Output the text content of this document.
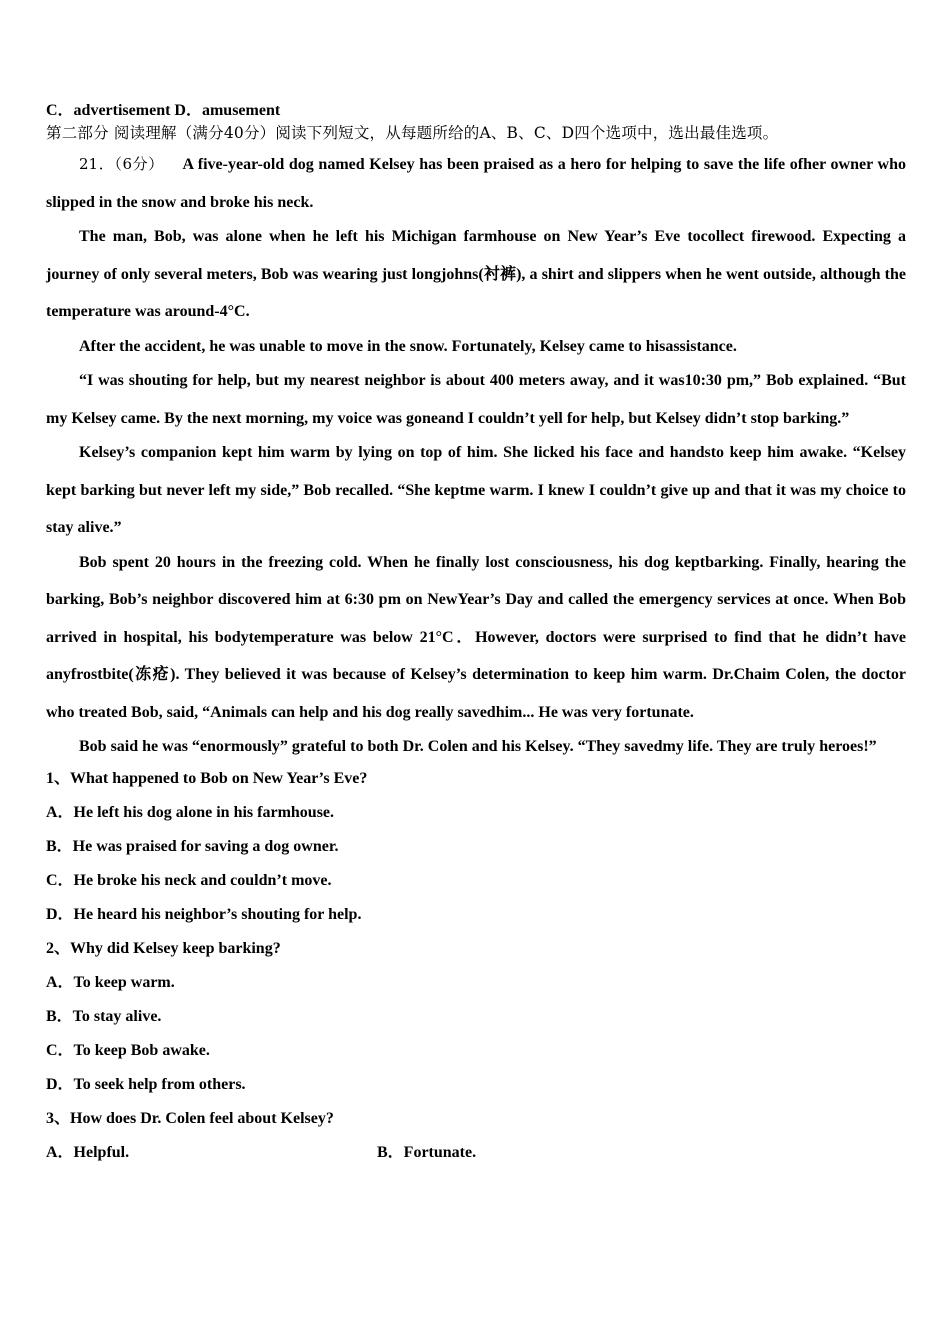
C．advertisement D．amusement
第二部分 阅读理解（满分40分）阅读下列短文，从每题所给的A、B、C、D四个选项中，选出最佳选项。

21．（6分） A five-year-old dog named Kelsey has been praised as a hero for helping to save the life ofher owner who slipped in the snow and broke his neck.

The man, Bob, was alone when he left his Michigan farmhouse on New Year’s Eve tocollect firewood. Expecting a journey of only several meters, Bob was wearing just longjohns(衬裤), a shirt and slippers when he went outside, although the temperature was around-4°C.

After the accident, he was unable to move in the snow. Fortunately, Kelsey came to hisassistance.

“I was shouting for help, but my nearest neighbor is about 400 meters away, and it was10:30 pm,” Bob explained. “But my Kelsey came. By the next morning, my voice was goneand I couldn’t yell for help, but Kelsey didn’t stop barking.”

Kelsey’s companion kept him warm by lying on top of him. She licked his face and handsto keep him awake. “Kelsey kept barking but never left my side,” Bob recalled. “She keptme warm. I knew I couldn’t give up and that it was my choice to stay alive.”

Bob spent 20 hours in the freezing cold. When he finally lost consciousness, his dog keptbarking. Finally, hearing the barking, Bob’s neighbor discovered him at 6:30 pm on NewYear’s Day and called the emergency services at once. When Bob arrived in hospital, his bodytemperature was below 21°C．However, doctors were surprised to find that he didn’t have anyfrostbite(冻疮). They believed it was because of Kelsey’s determination to keep him warm. Dr.Chaim Colen, the doctor who treated Bob, said, “Animals can help and his dog really savedhim... He was very fortunate.

Bob said he was “enormously” grateful to both Dr. Colen and his Kelsey. “They savedmy life. They are truly heroes!”

1、What happened to Bob on New Year’s Eve?
A．He left his dog alone in his farmhouse.
B．He was praised for saving a dog owner.
C．He broke his neck and couldn’t move.
D．He heard his neighbor’s shouting for help.
2、Why did Kelsey keep barking?
A．To keep warm.
B．To stay alive.
C．To keep Bob awake.
D．To seek help from others.
3、How does Dr. Colen feel about Kelsey?
A．Helpful.	B．Fortunate.
